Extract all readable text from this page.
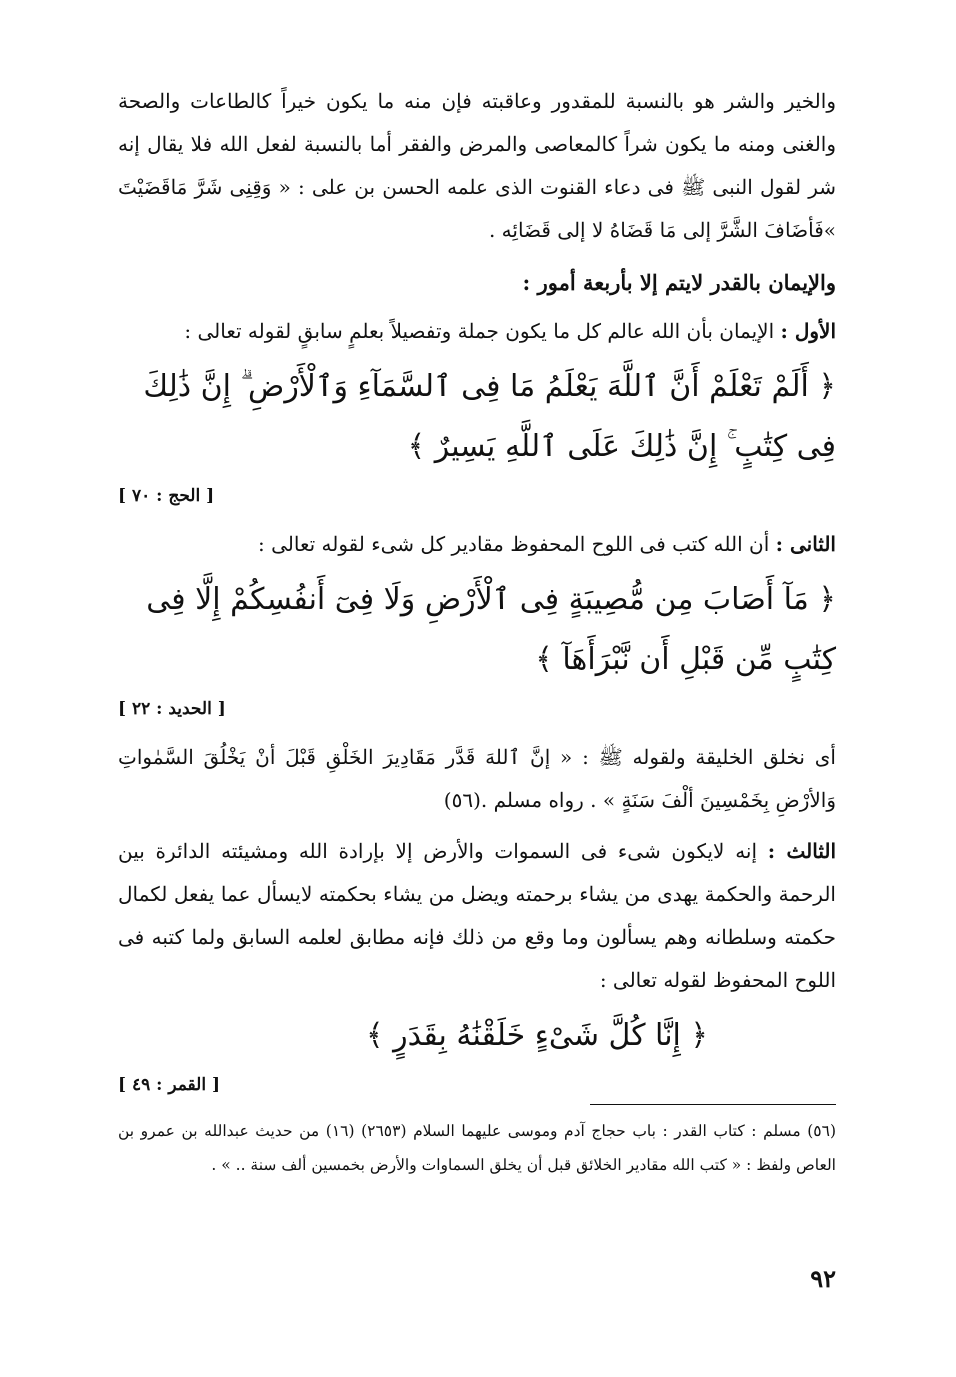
والخير والشر هو بالنسبة للمقدور وعاقبته فإن منه ما يكون خيراً كالطاعات والصحة والغنى ومنه ما يكون شراً كالمعاصى والمرض والفقر أما بالنسبة لفعل الله فلا يقال إنه شر لقول النبى ﷺ فى دعاء القنوت الذى علمه الحسن بن على : « وَقِنِى شَرَّ مَاقَضَيْتَ »فَأضَافَ الشَّرَّ إلى مَا قَضَاهُ لا إلى قَضَائِه .

والإيمان بالقدر لايتم إلا بأربعة أمور :

الأول : الإيمان بأن الله عالم كل ما يكون جملة وتفصيلاً بعلمٍ سابقٍ لقوله تعالى :

﴿ أَلَمْ تَعْلَمْ أَنَّ ٱللَّهَ يَعْلَمُ مَا فِى ٱلسَّمَآءِ وَٱلْأَرْضِ ۗ إِنَّ ذَٰلِكَ فِى كِتَٰبٍ ۚ إِنَّ ذَٰلِكَ عَلَى ٱللَّهِ يَسِيرٌ ﴾

[ الحج : ٧٠ ]

الثانى : أن الله كتب فى اللوح المحفوظ مقادير كل شىء لقوله تعالى :

﴿ مَآ أَصَابَ مِن مُّصِيبَةٍ فِى ٱلْأَرْضِ وَلَا فِىٓ أَنفُسِكُمْ إِلَّا فِى كِتَٰبٍ مِّن قَبْلِ أَن نَّبْرَأَهَآ ﴾

[ الحديد : ٢٢ ]

أى نخلق الخليقة ولقوله ﷺ : « إنَّ ٱللهَ قَدَّر مَقَادِيرَ الخَلْقِ قَبْلَ أنْ يَخْلُقَ السَّمٰواتِ وَالأرْضِ بِخَمْسِينَ ألْفَ سَنَةٍ » . رواه مسلم .(٥٦)

الثالث : إنه لايكون شىء فى السموات والأرض إلا بإرادة الله ومشيئته الدائرة بين الرحمة والحكمة يهدى من يشاء برحمته ويضل من يشاء بحكمته لايسأل عما يفعل لكمال حكمته وسلطانه وهم يسألون وما وقع من ذلك فإنه مطابق لعلمه السابق ولما كتبه فى اللوح المحفوظ لقوله تعالى :

﴿ إِنَّا كُلَّ شَىْءٍ خَلَقْنَٰهُ بِقَدَرٍ ﴾

[ القمر : ٤٩ ]
(٥٦) مسلم : كتاب القدر : باب حجاج آدم وموسى عليهما السلام (٢٦٥٣) (١٦) من حديث عبدالله بن عمرو بن العاص ولفظ : « كتب الله مقادير الخلائق قبل أن يخلق السماوات والأرض بخمسين ألف سنة .. » .
٩٢
